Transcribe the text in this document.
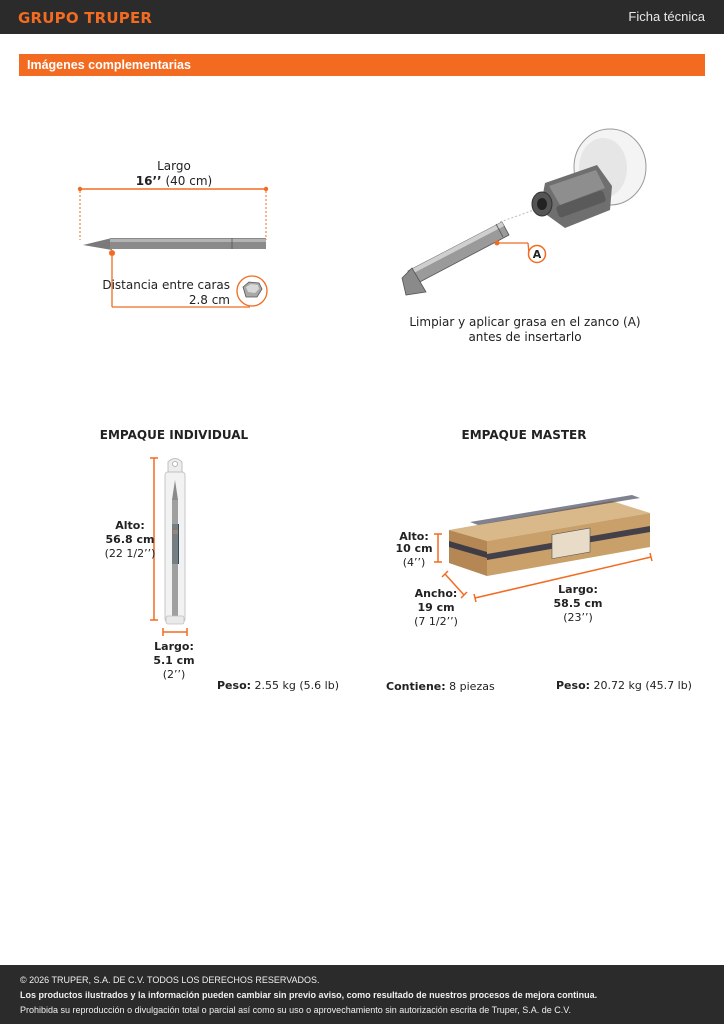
GRUPO TRUPER	Ficha técnica
Imágenes complementarias
Largo
16’’ (40 cm)
Distancia entre caras
2.8 cm
A
Limpiar y aplicar grasa en el zanco (A)
antes de insertarlo
EMPAQUE INDIVIDUAL
Alto:
56.8 cm
(22 1/2’’)
Largo:
5.1 cm
(2’’)
Peso: 2.55 kg (5.6 lb)
EMPAQUE MASTER
Alto:
10 cm
(4’’)
Ancho:
19 cm
(7 1/2’’)
Largo:
58.5 cm
(23’’)
Contiene: 8 piezas	Peso: 20.72 kg (45.7 lb)
© 2026 TRUPER, S.A. DE C.V. TODOS LOS DERECHOS RESERVADOS.
Los productos ilustrados y la información pueden cambiar sin previo aviso, como resultado de nuestros procesos de mejora continua.
Prohibida su reproducción o divulgación total o parcial así como su uso o aprovechamiento sin autorización escrita de Truper, S.A. de C.V.
